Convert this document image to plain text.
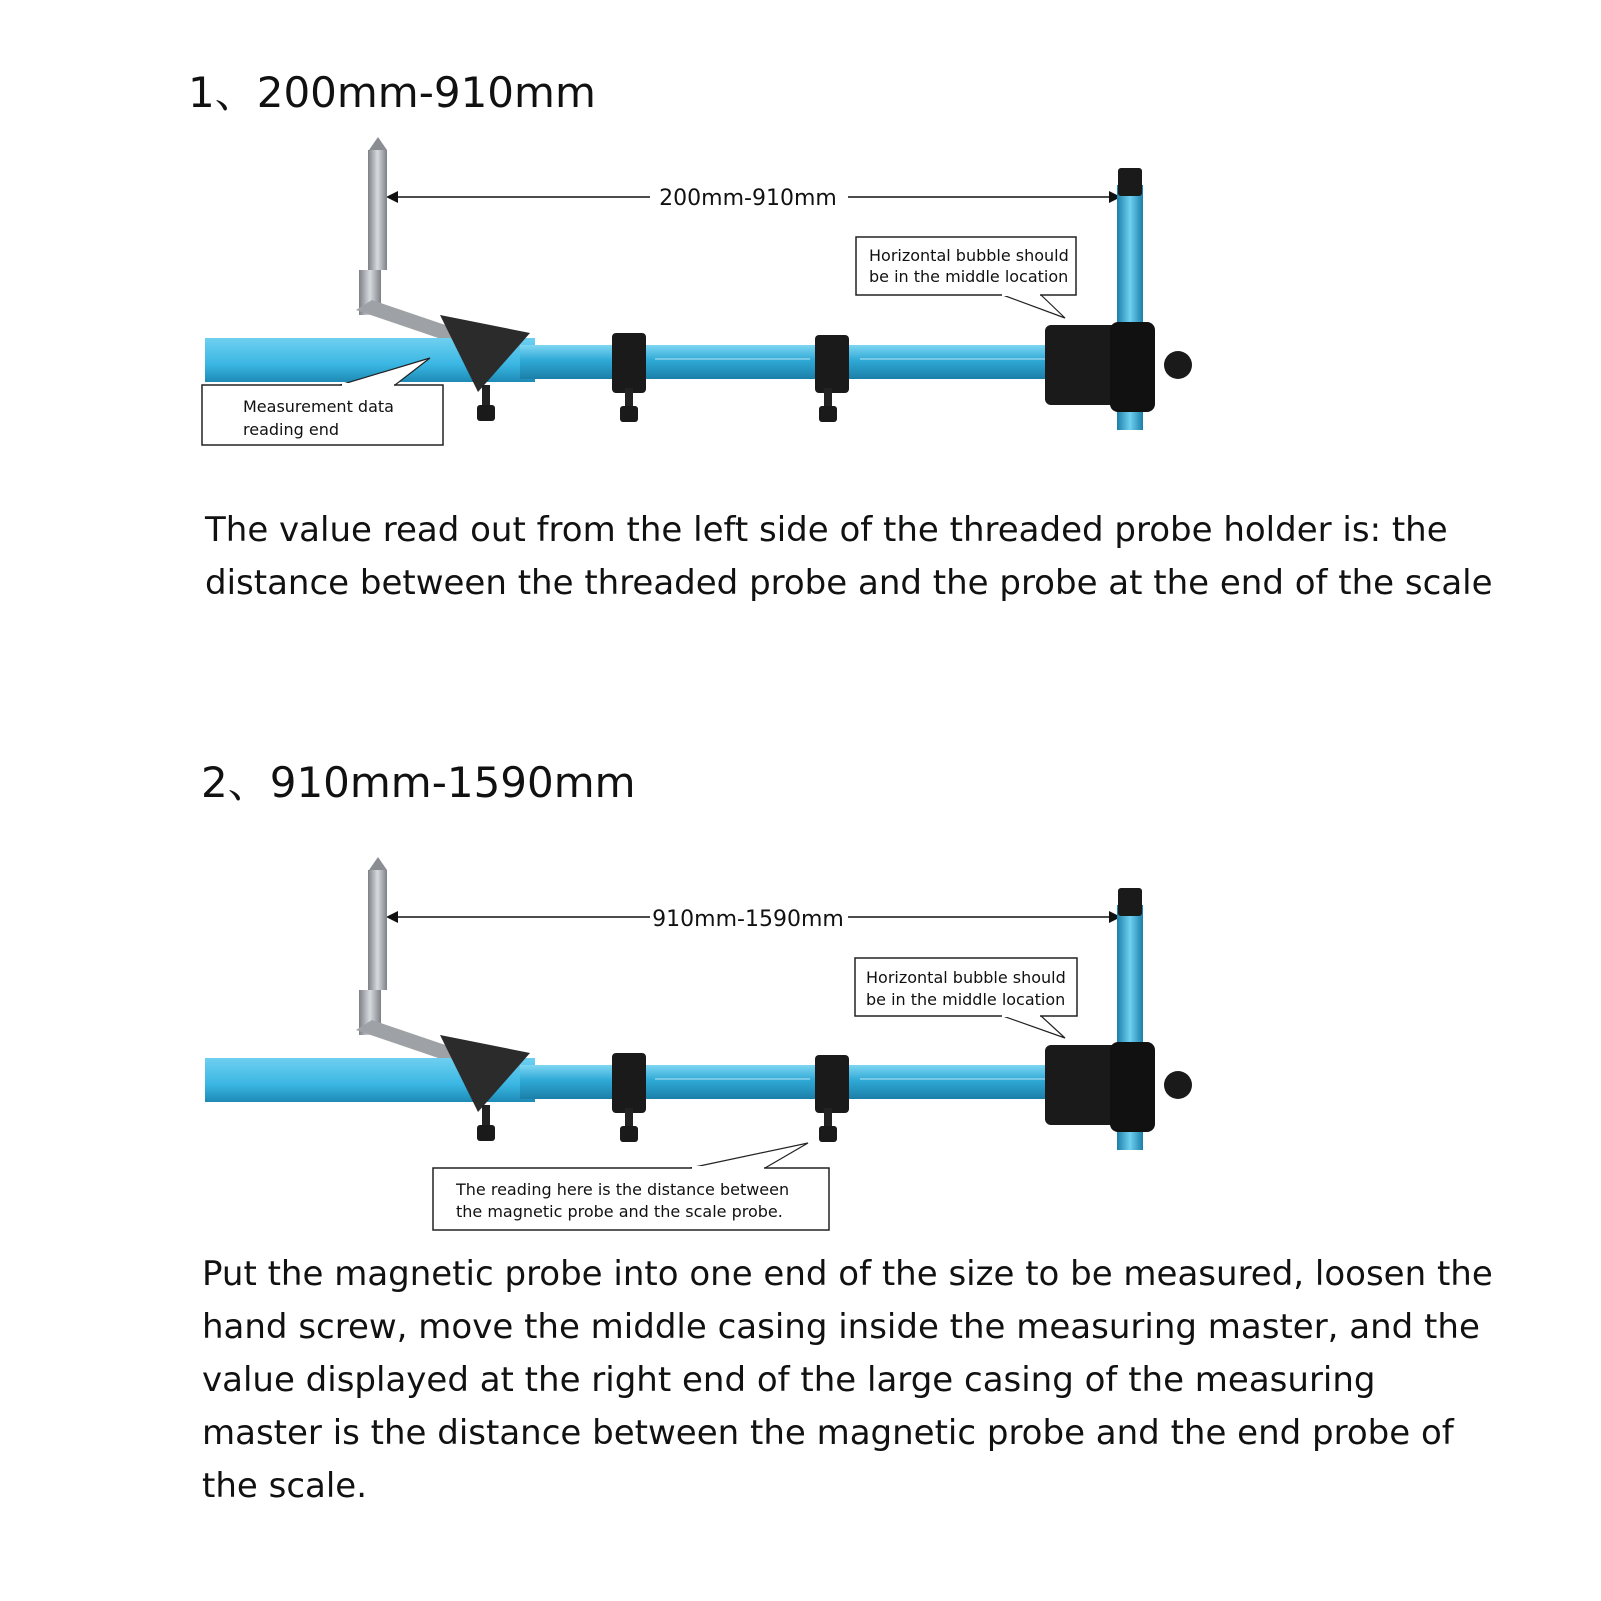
1、200mm-910mm
200mm-910mm
Horizontal bubble should
be in the middle location
Measurement data
reading end

The value read out from the left side of the threaded probe holder is: the distance between the threaded probe and the probe at the end of the scale

2、910mm-1590mm
910mm-1590mm
Horizontal bubble should
be in the middle location
The reading here is the distance between
the magnetic probe and the scale probe.

Put the magnetic probe into one end of the size to be measured, loosen the hand screw, move the middle casing inside the measuring master, and the value displayed at the right end of the large casing of the measuring master is the distance between the magnetic probe and the end probe of the scale.
